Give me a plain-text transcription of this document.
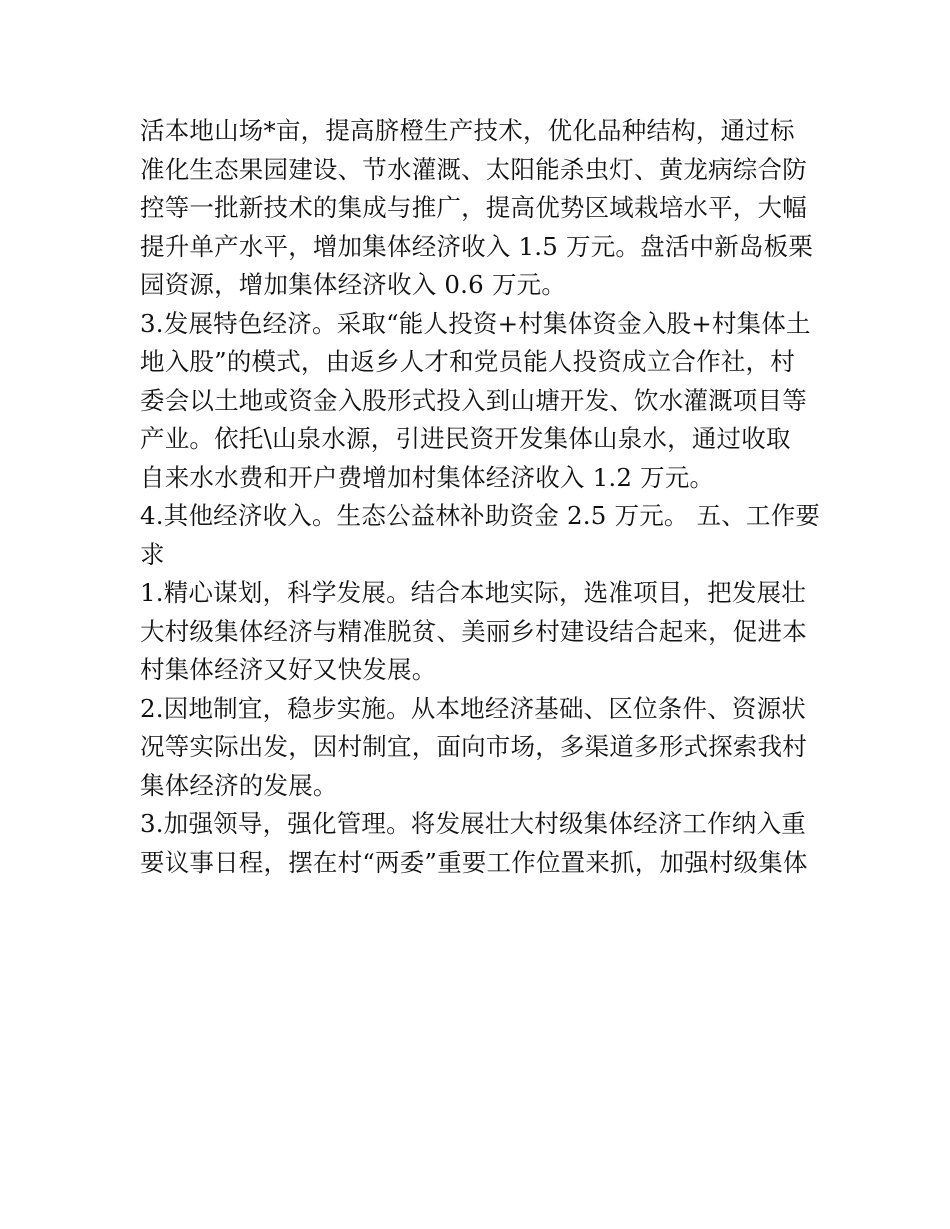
活本地山场*亩，提高脐橙生产技术，优化品种结构，通过标
准化生态果园建设、节水灌溉、太阳能杀虫灯、黄龙病综合防
控等一批新技术的集成与推广，提高优势区域栽培水平，大幅
提升单产水平，增加集体经济收入 1.5 万元。盘活中新岛板栗
园资源，增加集体经济收入 0.6 万元。
3.发展特色经济。采取“能人投资+村集体资金入股+村集体土
地入股”的模式，由返乡人才和党员能人投资成立合作社，村
委会以土地或资金入股形式投入到山塘开发、饮水灌溉项目等
产业。依托\山泉水源，引进民资开发集体山泉水，通过收取
自来水水费和开户费增加村集体经济收入 1.2 万元。
4.其他经济收入。生态公益林补助资金 2.5 万元。 五、工作要
求
1.精心谋划，科学发展。结合本地实际，选准项目，把发展壮
大村级集体经济与精准脱贫、美丽乡村建设结合起来，促进本
村集体经济又好又快发展。
2.因地制宜，稳步实施。从本地经济基础、区位条件、资源状
况等实际出发，因村制宜，面向市场，多渠道多形式探索我村
集体经济的发展。
3.加强领导，强化管理。将发展壮大村级集体经济工作纳入重
要议事日程，摆在村“两委”重要工作位置来抓，加强村级集体
